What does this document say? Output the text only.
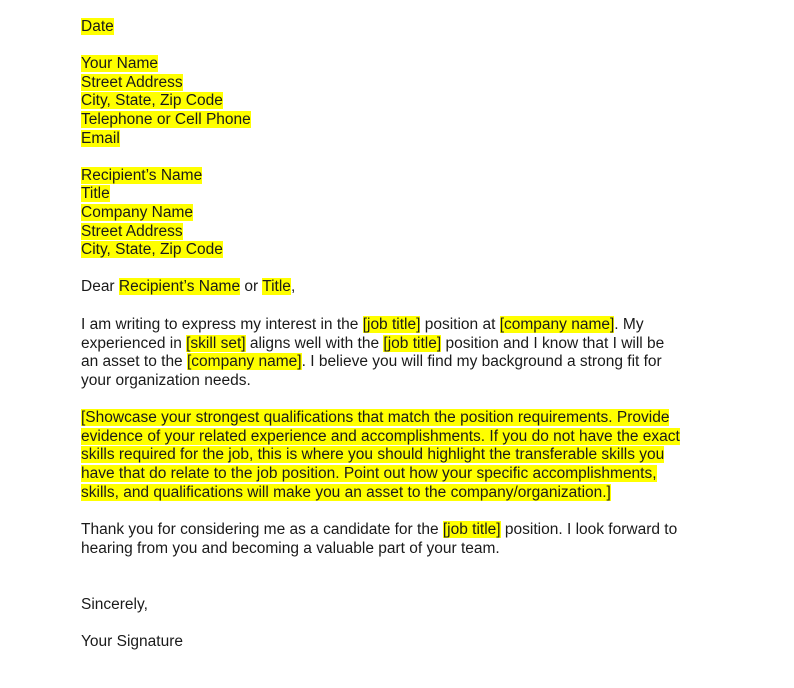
Date

Your Name

Street Address

City, State, Zip Code

Telephone or Cell Phone

Email

Recipient’s Name

Title

Company Name

Street Address

City, State, Zip Code

Dear Recipient’s Name or Title,

I am writing to express my interest in the [job title] position at [company name]. My

experienced in [skill set] aligns well with the [job title] position and I know that I will be

an asset to the [company name]. I believe you will find my background a strong fit for

your organization needs.

[Showcase your strongest qualifications that match the position requirements. Provide

evidence of your related experience and accomplishments. If you do not have the exact

skills required for the job, this is where you should highlight the transferable skills you

have that do relate to the job position. Point out how your specific accomplishments,

skills, and qualifications will make you an asset to the company/organization.]

Thank you for considering me as a candidate for the [job title] position. I look forward to

hearing from you and becoming a valuable part of your team.

Sincerely,

Your Signature
